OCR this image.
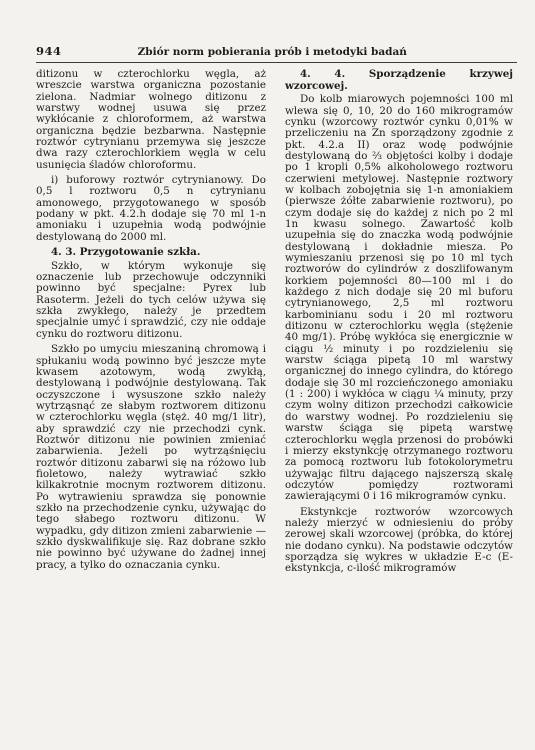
944	Zbiór norm pobierania prób i metodyki badań

ditizonu w czterochlorku węgla, aż wreszcie warstwa organiczna pozostanie zielona. Nadmiar wolnego ditizonu z warstwy wodnej usuwa się przez wykłócanie z chloroformem, aż warstwa organiczna będzie bezbarwna. Następnie roztwór cytrynianu przemywa się jeszcze dwa razy czterochlorkiem węgla w celu usunięcia śladów chloroformu.

i) buforowy roztwór cytrynianowy. Do 0,5 l roztworu 0,5 n cytrynianu amonowego, przygotowanego w sposób podany w pkt. 4.2.h dodaje się 70 ml 1-n amoniaku i uzupełnia wodą podwójnie destylowaną do 2000 ml.

4. 3. Przygotowanie szkła.

Szkło, w którym wykonuje się oznaczenie lub przechowuje odczynniki powinno być specjalne: Pyrex lub Rasoterm. Jeżeli do tych celów używa się szkła zwykłego, należy je przedtem specjalnie umyć i sprawdzić, czy nie oddaje cynku do roztworu ditizonu.

Szkło po umyciu mieszaniną chromową i spłukaniu wodą powinno być jeszcze myte kwasem azotowym, wodą zwykłą, destylowaną i podwójnie destylowaną. Tak oczyszczone i wysuszone szkło należy wytrząsnąć ze słabym roztworem ditizonu w czterochlorku węgla (stęż. 40 mg/1 litr), aby sprawdzić czy nie przechodzi cynk. Roztwór ditizonu nie powinien zmieniać zabarwienia. Jeżeli po wytrząśnięciu roztwór ditizonu zabarwi się na różowo lub fioletowo, należy wytrawiać szkło kilkakrotnie mocnym roztworem ditizonu. Po wytrawieniu sprawdza się ponownie szkło na przechodzenie cynku, używając do tego słabego roztworu ditizonu. W wypadku, gdy ditizon zmieni zabarwienie — szkło dyskwalifikuje się. Raz dobrane szkło nie powinno być używane do żadnej innej pracy, a tylko do oznaczania cynku.

4. 4. Sporządzenie krzywej wzorcowej.

Do kolb miarowych pojemności 100 ml wlewa się 0, 10, 20 do 160 mikrogramów cynku (wzorcowy roztwór cynku 0,01% w przeliczeniu na Zn sporządzony zgodnie z pkt. 4.2.a II) oraz wodę podwójnie destylowaną do ⅔ objętości kolby i dodaje po 1 kropli 0,5% alkoholowego roztworu czerwieni metylowej. Następnie roztwory w kolbach zobojętnia się 1-n amoniakiem (pierwsze żółte zabarwienie roztworu), po czym dodaje się do każdej z nich po 2 ml 1n kwasu solnego. Zawartość kolb uzupełnia się do znaczka wodą podwójnie destylowaną i dokładnie miesza. Po wymieszaniu przenosi się po 10 ml tych roztworów do cylindrów z doszlifowanym korkiem pojemności 80—100 ml i do każdego z nich dodaje się 20 ml buforu cytrynianowego, 2,5 ml roztworu karbominianu sodu i 20 ml roztworu ditizonu w czterochlorku węgla (stężenie 40 mg/1). Próbę wykłóca się energicznie w ciągu ½ minuty i po rozdzieleniu się warstw ściąga pipetą 10 ml warstwy organicznej do innego cylindra, do którego dodaje się 30 ml rozcieńczonego amoniaku (1 : 200) i wykłóca w ciągu ¼ minuty, przy czym wolny ditizon przechodzi całkowicie do warstwy wodnej. Po rozdzieleniu się warstw ściąga się pipetą warstwę czterochlorku węgla przenosi do probówki i mierzy ekstynkcję otrzymanego roztworu za pomocą roztworu lub fotokolorymetru używając filtru dającego najszerszą skalę odczytów pomiędzy roztworami zawierającymi 0 i 16 mikrogramów cynku.

Ekstynkcje roztworów wzorcowych należy mierzyć w odniesieniu do próby zerowej skali wzorcowej (próbka, do której nie dodano cynku). Na podstawie odczytów sporządza się wykres w układzie E-c (E-ekstynkcja, c-ilość mikrogramów
